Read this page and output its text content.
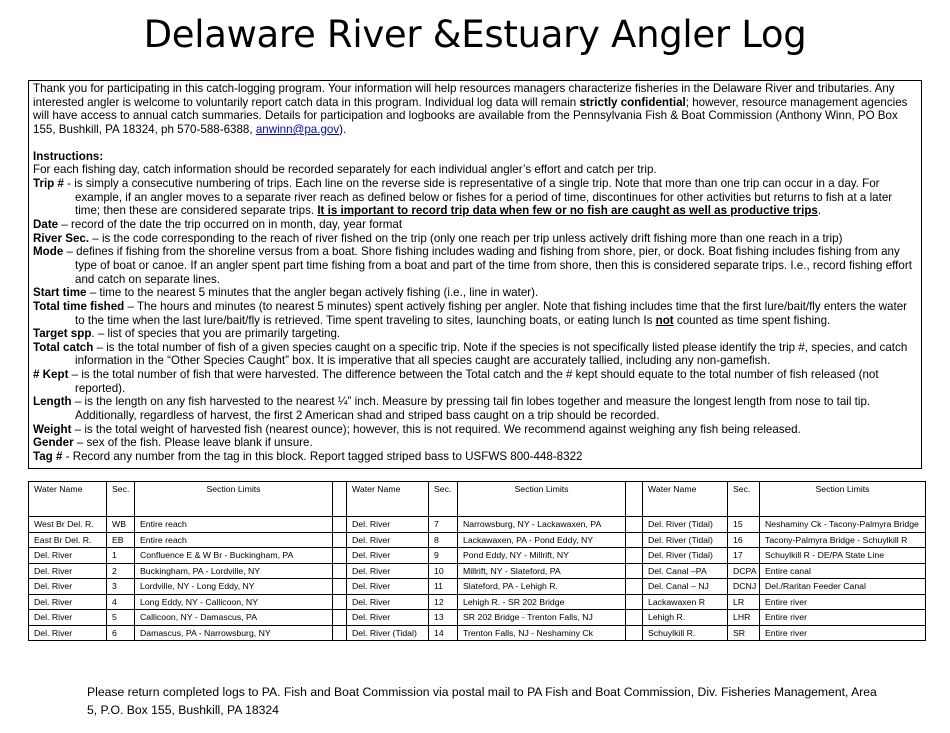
Delaware River &Estuary Angler Log

Thank you for participating in this catch-logging program. Your information will help resources managers characterize fisheries in the Delaware River and tributaries. Any interested angler is welcome to voluntarily report catch data in this program. Individual log data will remain strictly confidential; however, resource management agencies will have access to annual catch summaries. Details for participation and logbooks are available from the Pennsylvania Fish & Boat Commission (Anthony Winn, PO Box 155, Bushkill, PA 18324, ph 570-588-6388, anwinn@pa.gov).

Instructions:

For each fishing day, catch information should be recorded separately for each individual angler’s effort and catch per trip.

Trip # - is simply a consecutive numbering of trips. Each line on the reverse side is representative of a single trip. Note that more than one trip can occur in a day. For example, if an angler moves to a separate river reach as defined below or fishes for a period of time, discontinues for other activities but returns to fish at a later time; then these are considered separate trips. It is important to record trip data when few or no fish are caught as well as productive trips.

Date – record of the date the trip occurred on in month, day, year format

River Sec. – is the code corresponding to the reach of river fished on the trip (only one reach per trip unless actively drift fishing more than one reach in a trip)

Mode – defines if fishing from the shoreline versus from a boat. Shore fishing includes wading and fishing from shore, pier, or dock. Boat fishing includes fishing from any type of boat or canoe. If an angler spent part time fishing from a boat and part of the time from shore, then this is considered separate trips. I.e., record fishing effort and catch on separate lines.

Start time – time to the nearest 5 minutes that the angler began actively fishing (i.e., line in water).

Total time fished – The hours and minutes (to nearest 5 minutes) spent actively fishing per angler. Note that fishing includes time that the first lure/bait/fly enters the water to the time when the last lure/bait/fly is retrieved. Time spent traveling to sites, launching boats, or eating lunch Is not counted as time spent fishing.

Target spp. – list of species that you are primarily targeting.

Total catch – is the total number of fish of a given species caught on a specific trip. Note if the species is not specifically listed please identify the trip #, species, and catch information in the “Other Species Caught” box. It is imperative that all species caught are accurately tallied, including any non-gamefish.

# Kept – is the total number of fish that were harvested. The difference between the Total catch and the # kept should equate to the total number of fish released (not reported).

Length – is the length on any fish harvested to the nearest ¼” inch. Measure by pressing tail fin lobes together and measure the longest length from nose to tail tip. Additionally, regardless of harvest, the first 2 American shad and striped bass caught on a trip should be recorded.

Weight – is the total weight of harvested fish (nearest ounce); however, this is not required. We recommend against weighing any fish being released.

Gender – sex of the fish. Please leave blank if unsure.

Tag # - Record any number from the tag in this block. Report tagged striped bass to USFWS 800-448-8322

Water Name	Sec.	Section Limits		Water Name	Sec.	Section Limits		Water Name	Sec.	Section Limits
West Br Del. R.	WB	Entire reach		Del. River	7	Narrowsburg, NY - Lackawaxen, PA		Del. River (Tidal)	15	Neshaminy Ck - Tacony-Palmyra Bridge
East Br Del. R.	EB	Entire reach		Del. River	8	Lackawaxen, PA - Pond Eddy, NY		Del. River (Tidal)	16	Tacony-Palmyra Bridge - Schuylkill R
Del. River	1	Confluence E & W Br - Buckingham, PA		Del. River	9	Pond Eddy, NY - Millrift, NY		Del. River (Tidal)	17	Schuylkill R - DE/PA State Line
Del. River	2	Buckingham, PA - Lordville, NY		Del. River	10	Millrift, NY - Slateford, PA		Del. Canal –PA	DCPA	Entire canal
Del. River	3	Lordville, NY - Long Eddy, NY		Del. River	11	Slateford, PA - Lehigh R.		Del. Canal – NJ	DCNJ	Del./Raritan Feeder Canal
Del. River	4	Long Eddy, NY - Callicoon, NY		Del. River	12	Lehigh R. - SR 202 Bridge		Lackawaxen R	LR	Entire river
Del. River	5	Callicoon, NY - Damascus, PA		Del. River	13	SR 202 Bridge - Trenton Falls, NJ		Lehigh R.	LHR	Entire river
Del. River	6	Damascus, PA - Narrowsburg, NY		Del. River (Tidal)	14	Trenton Falls, NJ - Neshaminy Ck		Schuylkill R.	SR	Entire river
Please return completed logs to PA. Fish and Boat Commission via postal mail to PA Fish and Boat Commission, Div. Fisheries Management, Area 5, P.O. Box 155, Bushkill, PA 18324
